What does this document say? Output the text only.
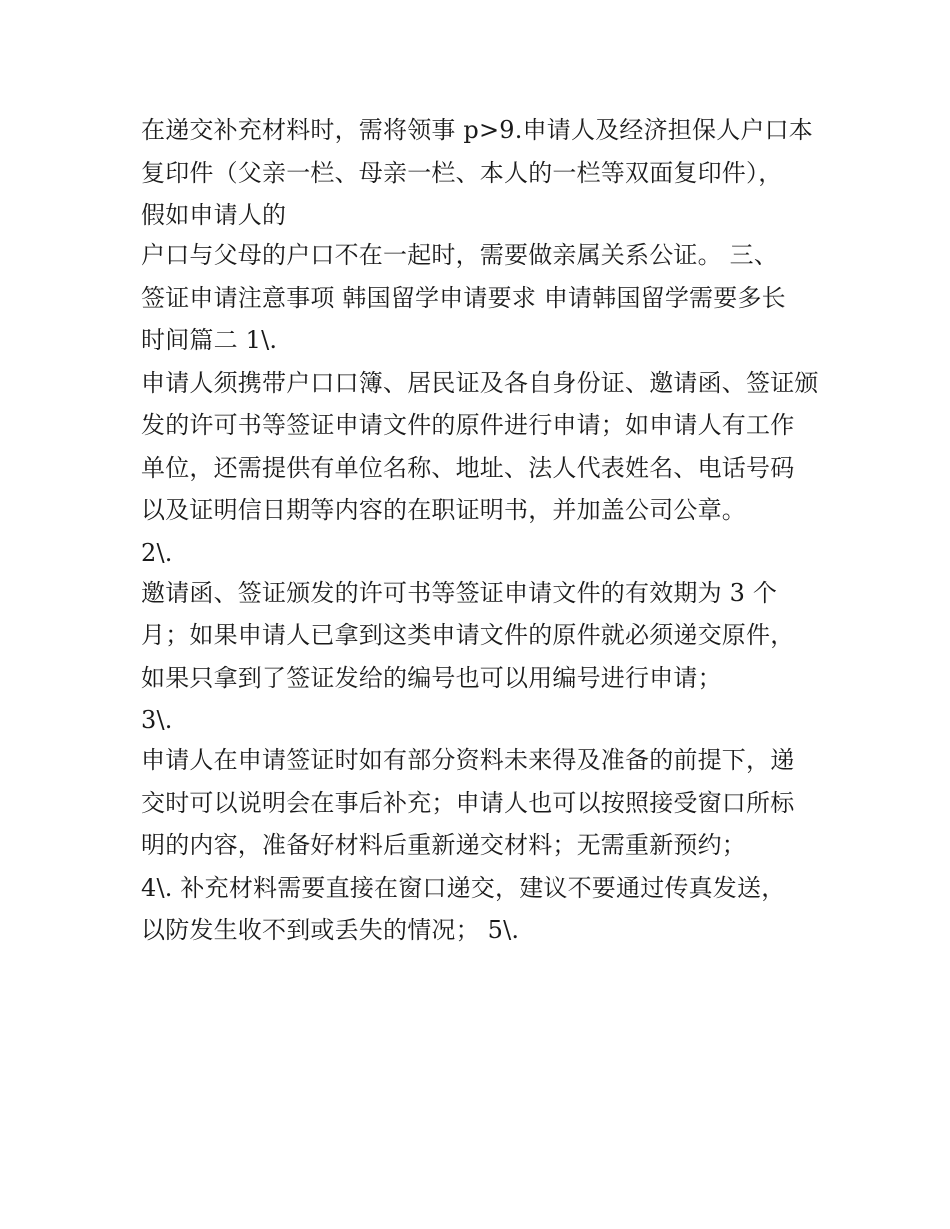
在递交补充材料时，需将领事 p>9.申请人及经济担保人户口本
复印件（父亲一栏、母亲一栏、本人的一栏等双面复印件），
假如申请人的
户口与父母的户口不在一起时，需要做亲属关系公证。 三、
签证申请注意事项 韩国留学申请要求 申请韩国留学需要多长
时间篇二 1\.
申请人须携带户口口簿、居民证及各自身份证、邀请函、签证颁
发的许可书等签证申请文件的原件进行申请；如申请人有工作
单位，还需提供有单位名称、地址、法人代表姓名、电话号码
以及证明信日期等内容的在职证明书，并加盖公司公章。
2\.
邀请函、签证颁发的许可书等签证申请文件的有效期为 3 个
月；如果申请人已拿到这类申请文件的原件就必须递交原件，
如果只拿到了签证发给的编号也可以用编号进行申请；
3\.
申请人在申请签证时如有部分资料未来得及准备的前提下，递
交时可以说明会在事后补充；申请人也可以按照接受窗口所标
明的内容，准备好材料后重新递交材料；无需重新预约；
4\. 补充材料需要直接在窗口递交，建议不要通过传真发送，
以防发生收不到或丢失的情况； 5\.
